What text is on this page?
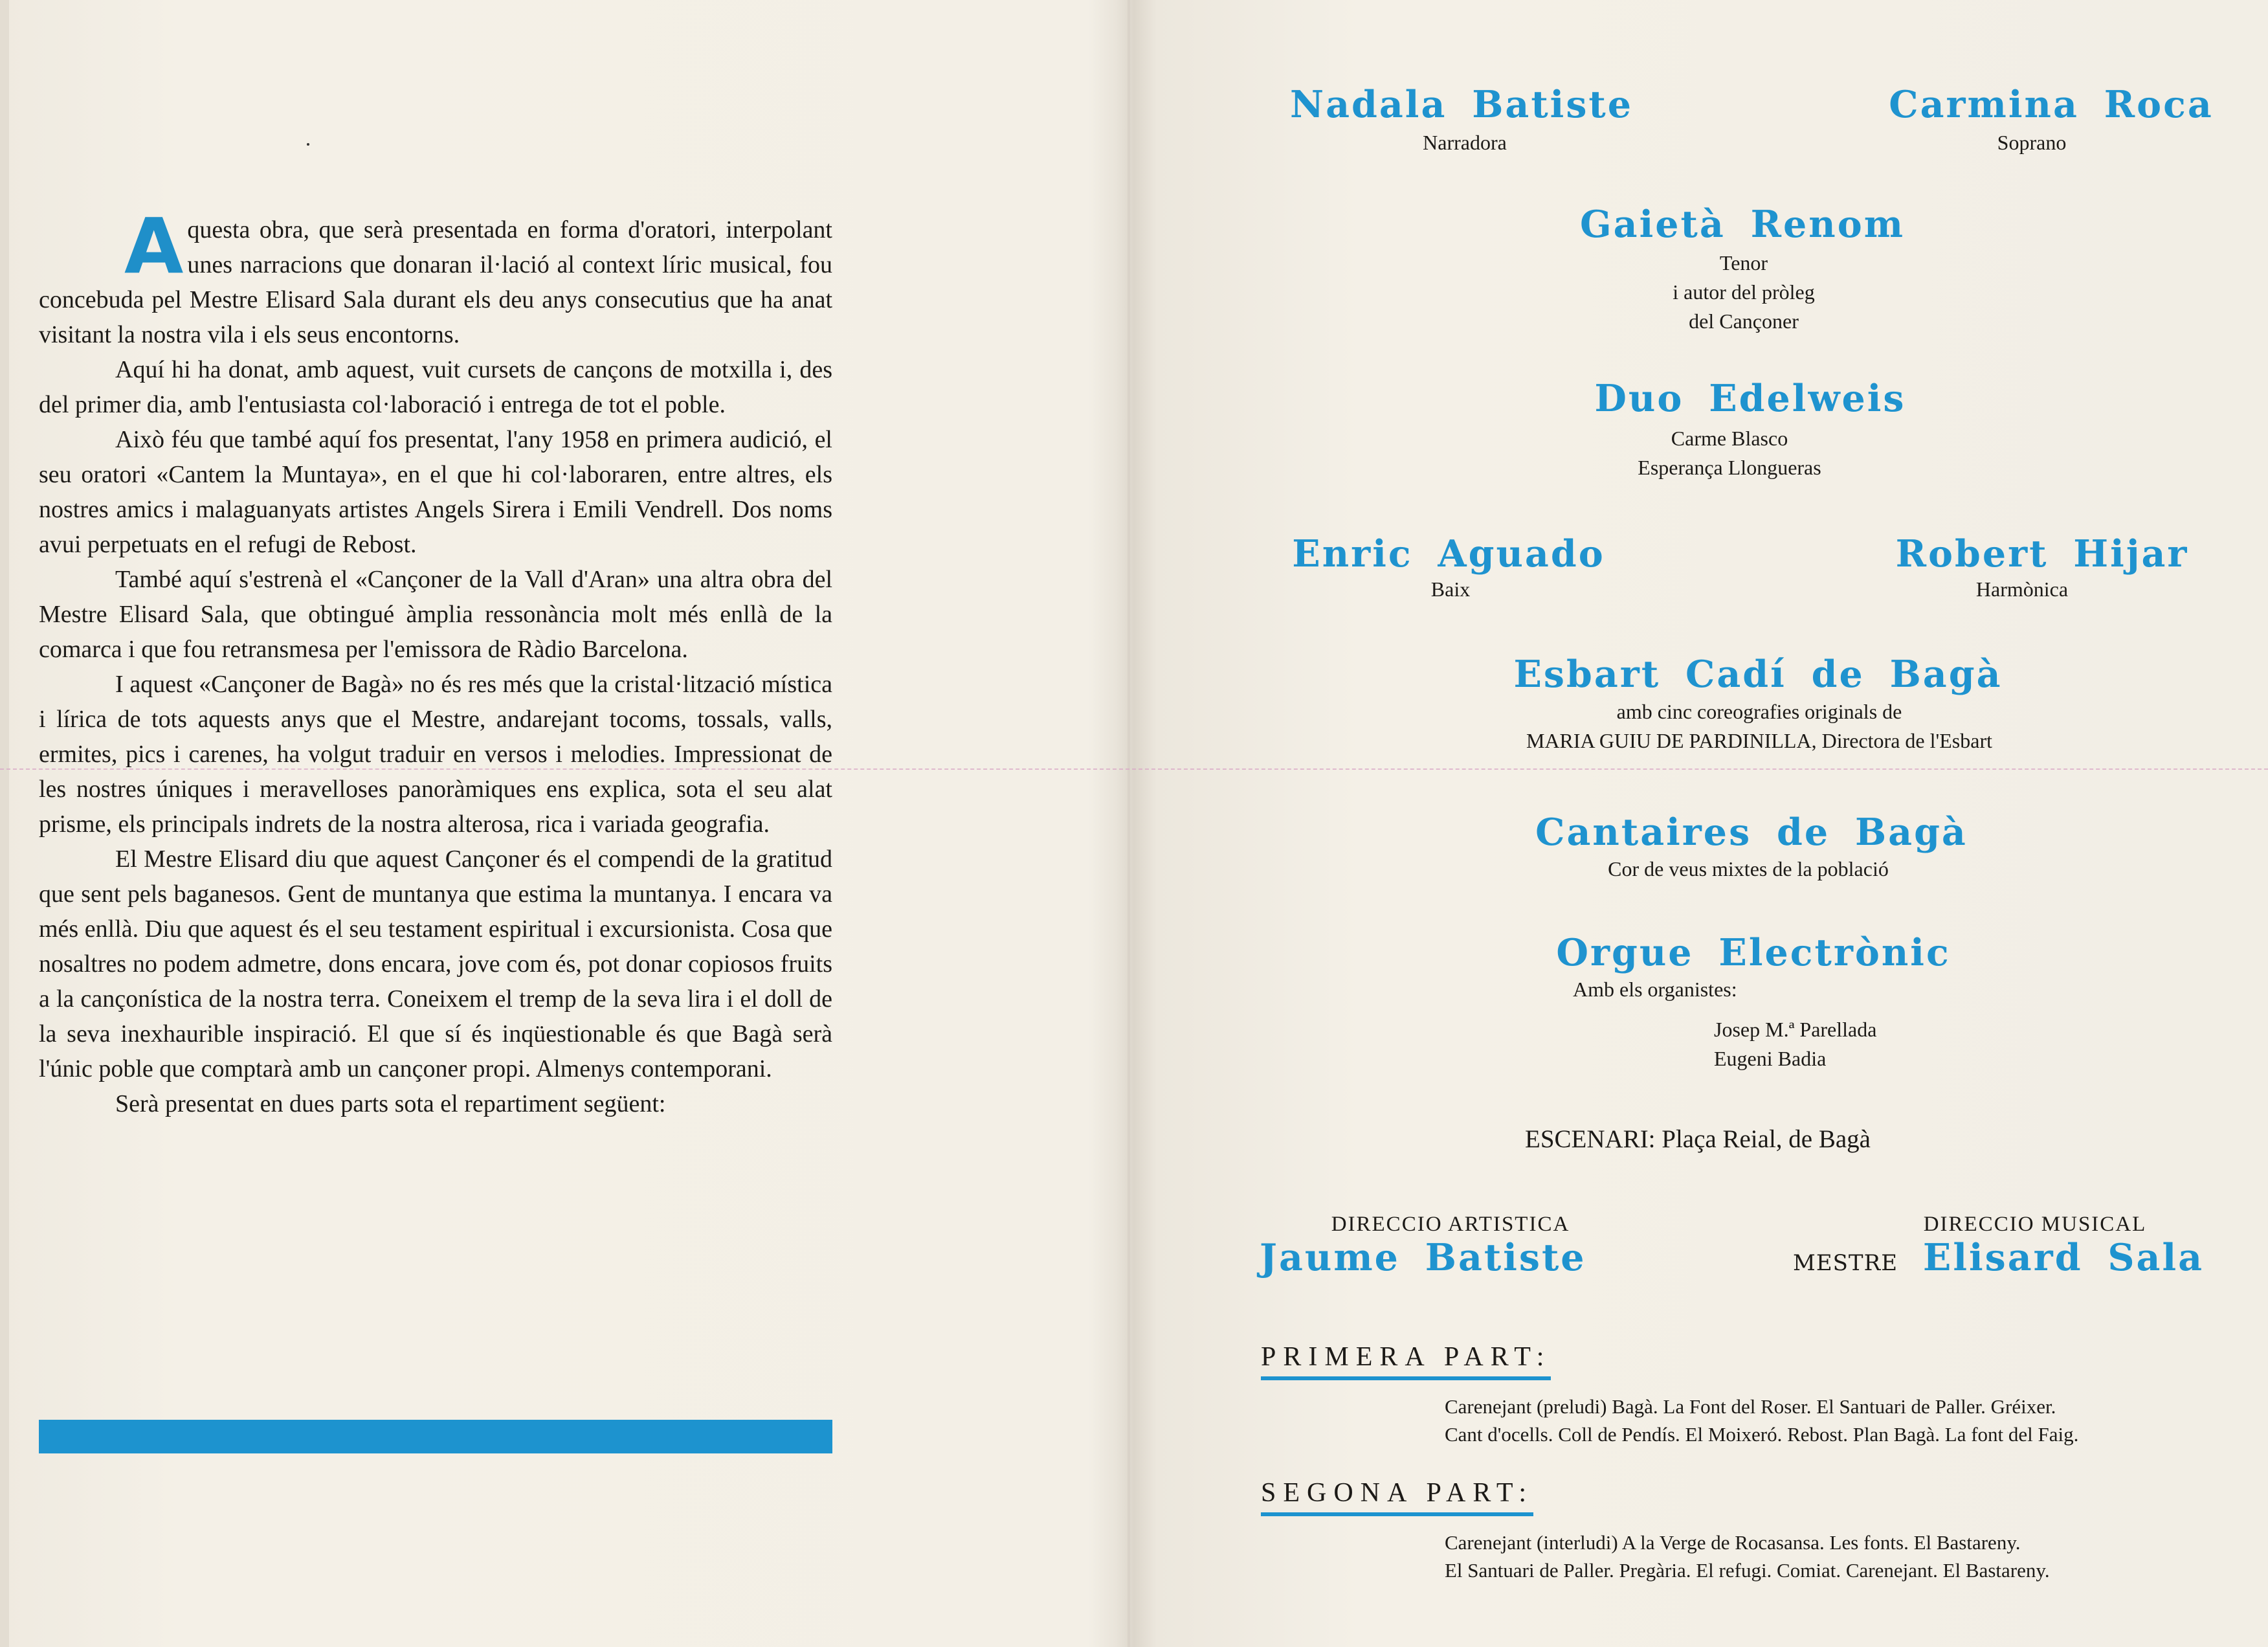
Aquesta obra, que serà presentada en forma d'oratori, interpolant unes narracions que donaran il·lació al context líric musical, fou concebuda pel Mestre Elisard Sala durant els deu anys consecutius que ha anat visitant la nostra vila i els seus encontorns.

Aquí hi ha donat, amb aquest, vuit cursets de cançons de motxilla i, des del primer dia, amb l'entusiasta col·laboració i entrega de tot el poble.

Això féu que també aquí fos presentat, l'any 1958 en primera audició, el seu oratori «Cantem la Muntaya», en el que hi col·laboraren, entre altres, els nostres amics i malaguanyats artistes Angels Sirera i Emili Vendrell. Dos noms avui perpetuats en el refugi de Rebost.

També aquí s'estrenà el «Cançoner de la Vall d'Aran» una altra obra del Mestre Elisard Sala, que obtingué àmplia ressonància molt més enllà de la comarca i que fou retransmesa per l'emissora de Ràdio Barcelona.

I aquest «Cançoner de Bagà» no és res més que la cristal·lització mística i lírica de tots aquests anys que el Mestre, andarejant tocoms, tossals, valls, ermites, pics i carenes, ha volgut traduir en versos i melodies. Impressionat de les nostres úniques i meravelloses panoràmiques ens explica, sota el seu alat prisme, els principals indrets de la nostra alterosa, rica i variada geografia.

El Mestre Elisard diu que aquest Cançoner és el compendi de la gratitud que sent pels baganesos. Gent de muntanya que estima la muntanya. I encara va més enllà. Diu que aquest és el seu testament espiritual i excursionista. Cosa que nosaltres no podem admetre, dons encara, jove com és, pot donar copiosos fruits a la cançonística de la nostra terra. Coneixem el tremp de la seva lira i el doll de la seva inexhaurible inspiració. El que sí és inqüestionable és que Bagà serà l'únic poble que comptarà amb un cançoner propi. Almenys contemporani.

Serà presentat en dues parts sota el repartiment següent:

Nadala Batiste
Narradora
Carmina Roca
Soprano
Gaietà Renom
Tenor
i autor del pròleg
del Cançoner
Duo Edelweis
Carme Blasco
Esperança Llongueras
Enric Aguado
Baix
Robert Hijar
Harmònica
Esbart Cadí de Bagà
amb cinc coreografies originals de
MARIA GUIU DE PARDINILLA, Directora de l'Esbart
Cantaires de Bagà
Cor de veus mixtes de la població
Orgue Electrònic
Amb els organistes:
Josep M.ª Parellada
Eugeni Badia
ESCENARI: Plaça Reial, de Bagà
DIRECCIO ARTISTICA
Jaume Batiste
DIRECCIO MUSICAL
MESTRE Elisard Sala
PRIMERA PART:
Carenejant (preludi) Bagà. La Font del Roser. El Santuari de Paller. Gréixer.
Cant d'ocells. Coll de Pendís. El Moixeró. Rebost. Plan Bagà. La font del Faig.
SEGONA PART:
Carenejant (interludi) A la Verge de Rocasansa. Les fonts. El Bastareny.
El Santuari de Paller. Pregària. El refugi. Comiat. Carenejant. El Bastareny.
